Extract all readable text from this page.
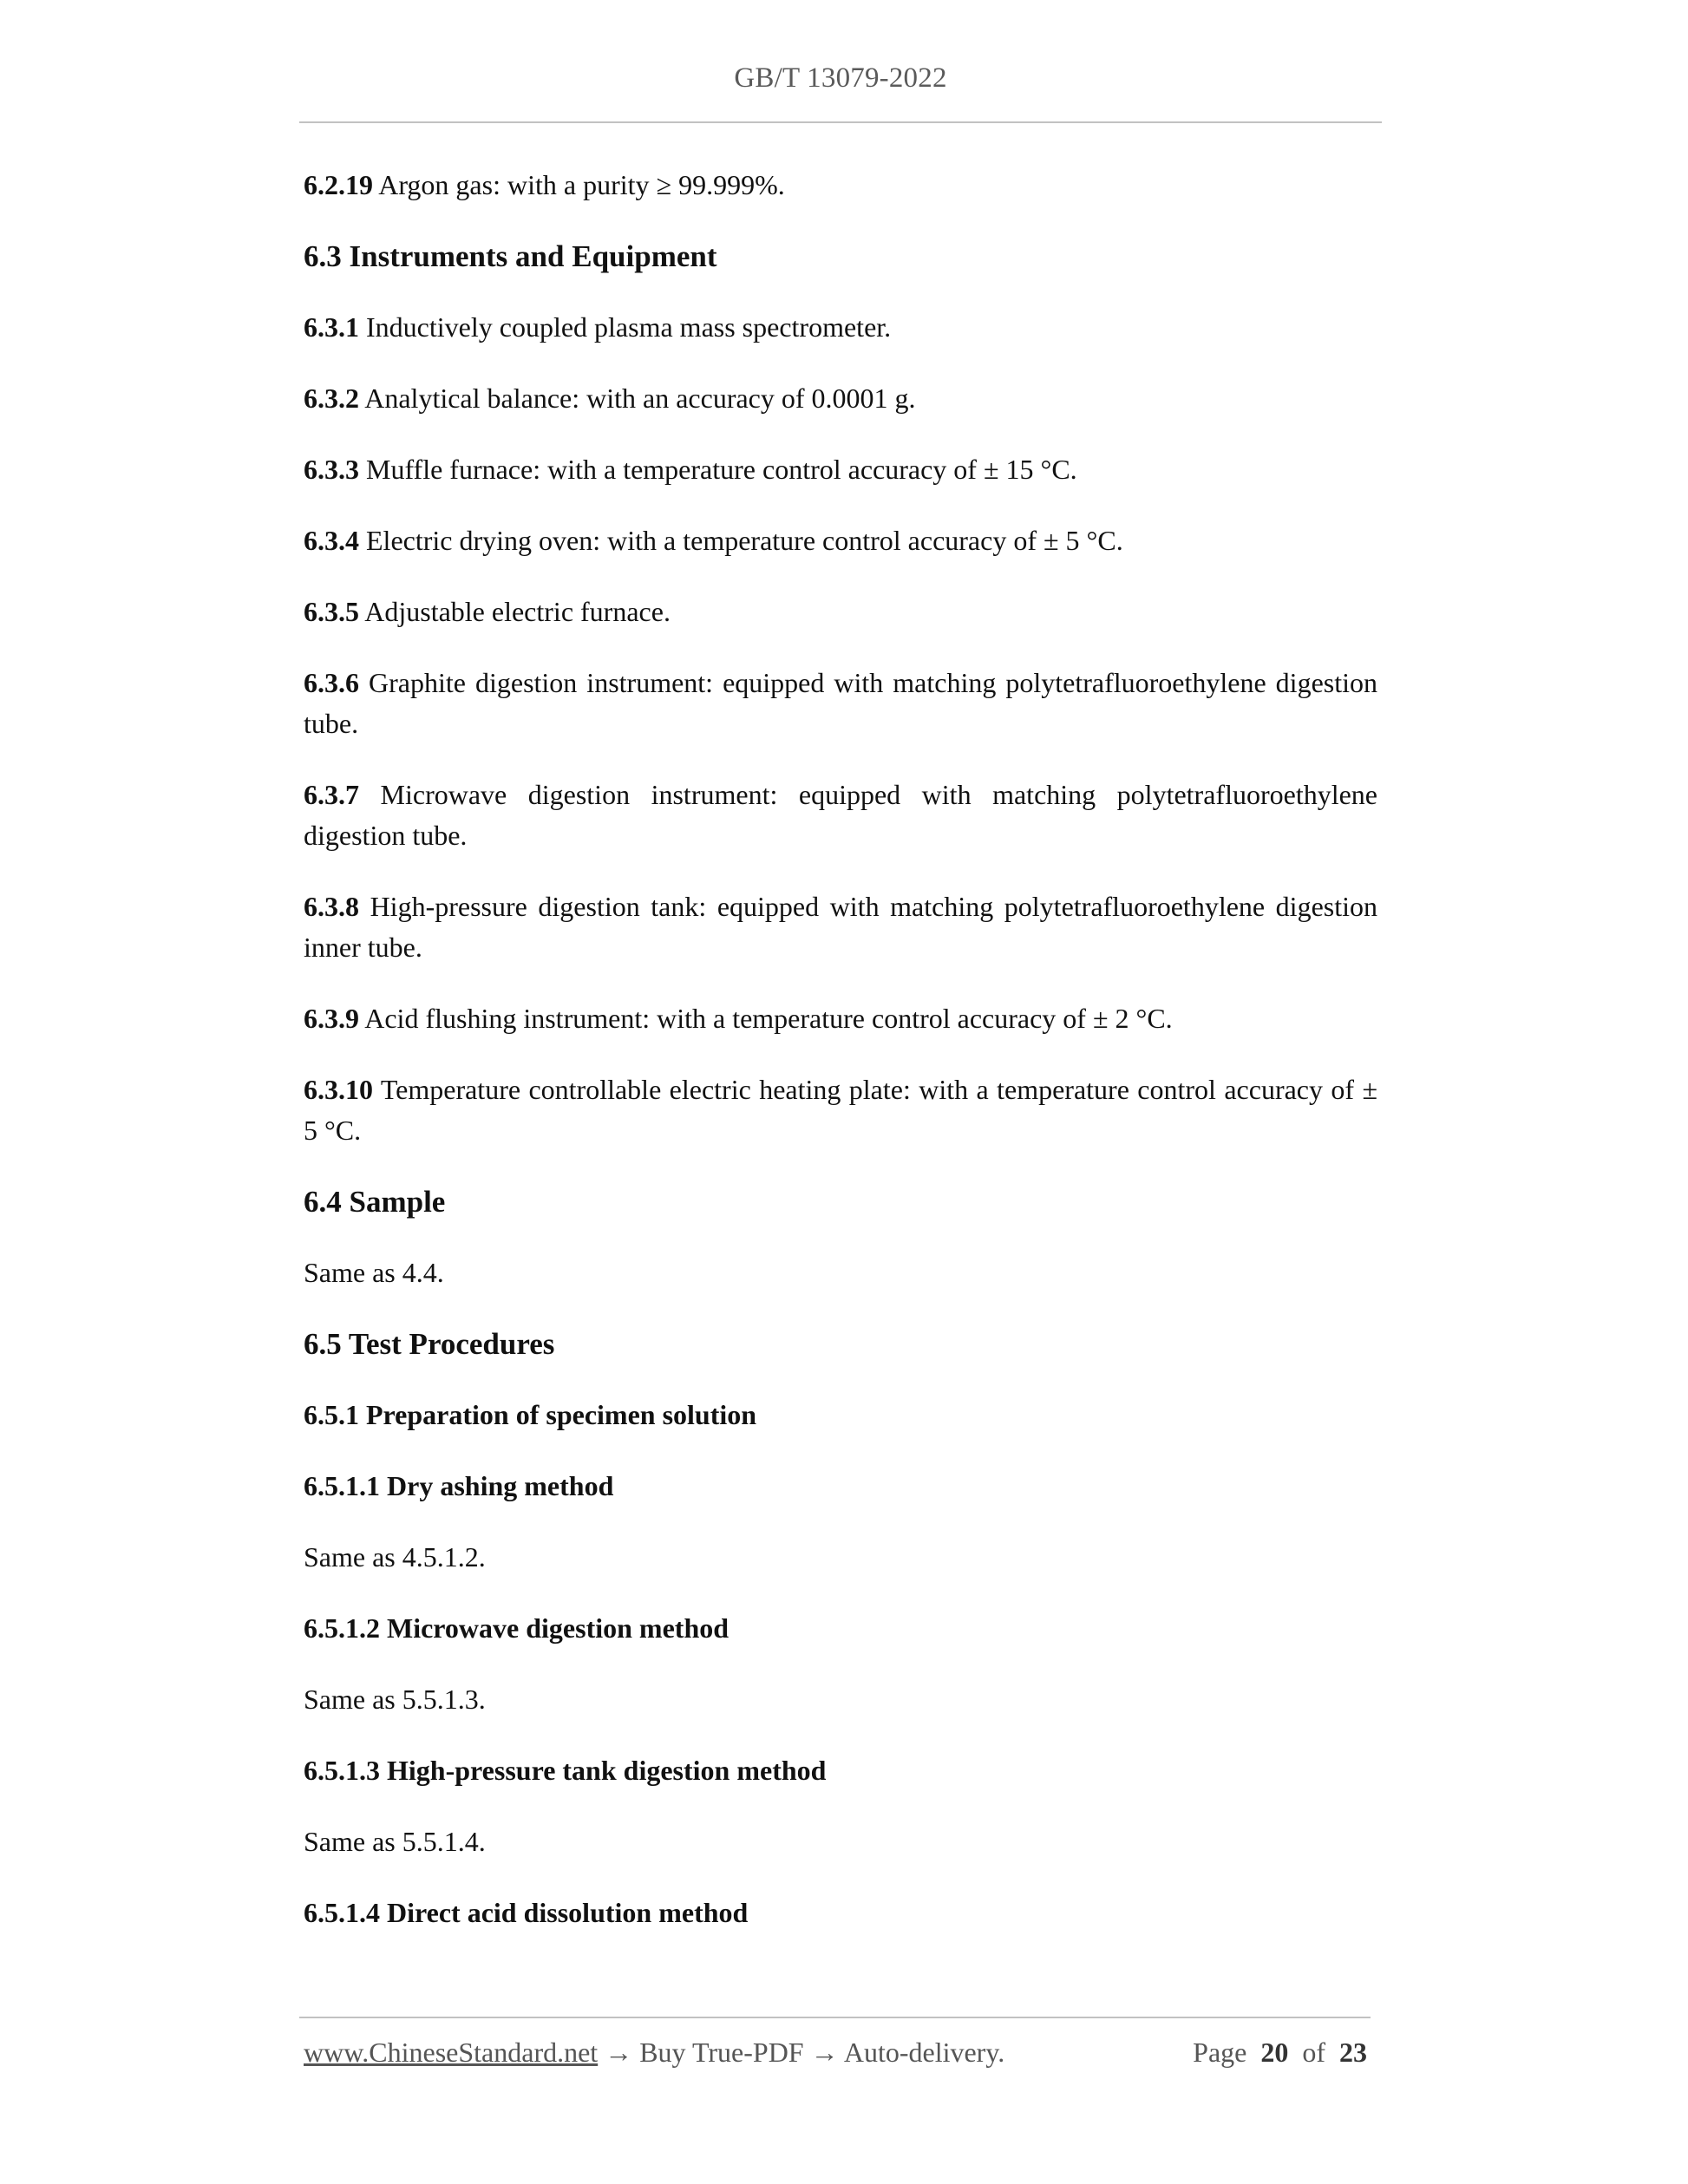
GB/T 13079-2022
6.2.19 Argon gas: with a purity ≥ 99.999%.
6.3 Instruments and Equipment
6.3.1 Inductively coupled plasma mass spectrometer.
6.3.2 Analytical balance: with an accuracy of 0.0001 g.
6.3.3 Muffle furnace: with a temperature control accuracy of ± 15 °C.
6.3.4 Electric drying oven: with a temperature control accuracy of ± 5 °C.
6.3.5 Adjustable electric furnace.
6.3.6 Graphite digestion instrument: equipped with matching polytetrafluoroethylene digestion tube.
6.3.7 Microwave digestion instrument: equipped with matching polytetrafluoroethylene digestion tube.
6.3.8 High-pressure digestion tank: equipped with matching polytetrafluoroethylene digestion inner tube.
6.3.9 Acid flushing instrument: with a temperature control accuracy of ± 2 °C.
6.3.10 Temperature controllable electric heating plate: with a temperature control accuracy of ± 5 °C.
6.4 Sample
Same as 4.4.
6.5 Test Procedures
6.5.1 Preparation of specimen solution
6.5.1.1 Dry ashing method
Same as 4.5.1.2.
6.5.1.2 Microwave digestion method
Same as 5.5.1.3.
6.5.1.3 High-pressure tank digestion method
Same as 5.5.1.4.
6.5.1.4 Direct acid dissolution method
www.ChineseStandard.net → Buy True-PDF → Auto-delivery.	Page 20 of 23
